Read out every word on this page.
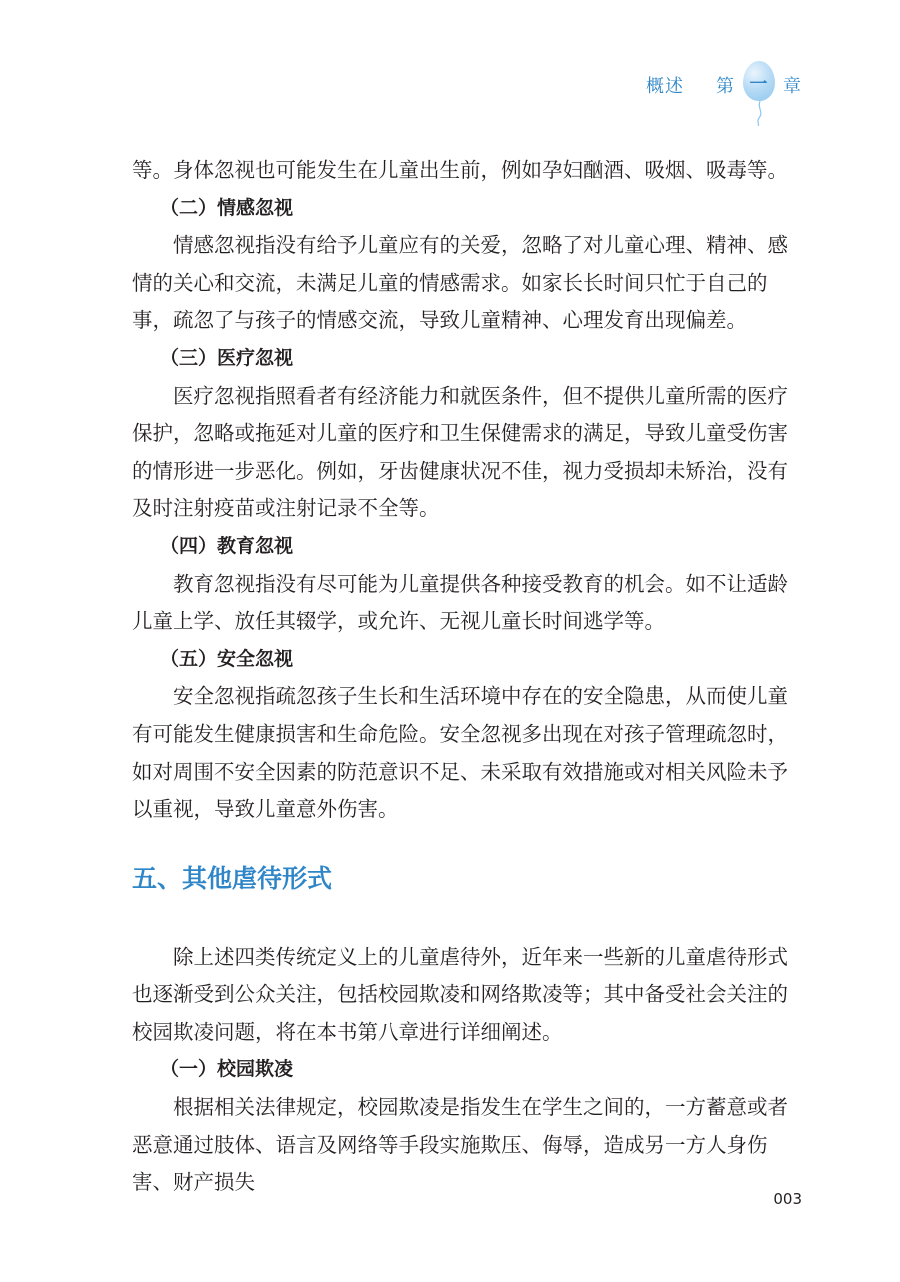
概述 第 一 章

等。身体忽视也可能发生在儿童出生前，例如孕妇酗酒、吸烟、吸毒等。

（二）情感忽视

情感忽视指没有给予儿童应有的关爱，忽略了对儿童心理、精神、感情的关心和交流，未满足儿童的情感需求。如家长长时间只忙于自己的事，疏忽了与孩子的情感交流，导致儿童精神、心理发育出现偏差。

（三）医疗忽视

医疗忽视指照看者有经济能力和就医条件，但不提供儿童所需的医疗保护，忽略或拖延对儿童的医疗和卫生保健需求的满足，导致儿童受伤害的情形进一步恶化。例如，牙齿健康状况不佳，视力受损却未矫治，没有及时注射疫苗或注射记录不全等。

（四）教育忽视

教育忽视指没有尽可能为儿童提供各种接受教育的机会。如不让适龄儿童上学、放任其辍学，或允许、无视儿童长时间逃学等。

（五）安全忽视

安全忽视指疏忽孩子生长和生活环境中存在的安全隐患，从而使儿童有可能发生健康损害和生命危险。安全忽视多出现在对孩子管理疏忽时，如对周围不安全因素的防范意识不足、未采取有效措施或对相关风险未予以重视，导致儿童意外伤害。

五、其他虐待形式

除上述四类传统定义上的儿童虐待外，近年来一些新的儿童虐待形式也逐渐受到公众关注，包括校园欺凌和网络欺凌等；其中备受社会关注的校园欺凌问题，将在本书第八章进行详细阐述。

（一）校园欺凌

根据相关法律规定，校园欺凌是指发生在学生之间的，一方蓄意或者恶意通过肢体、语言及网络等手段实施欺压、侮辱，造成另一方人身伤害、财产损失

003
